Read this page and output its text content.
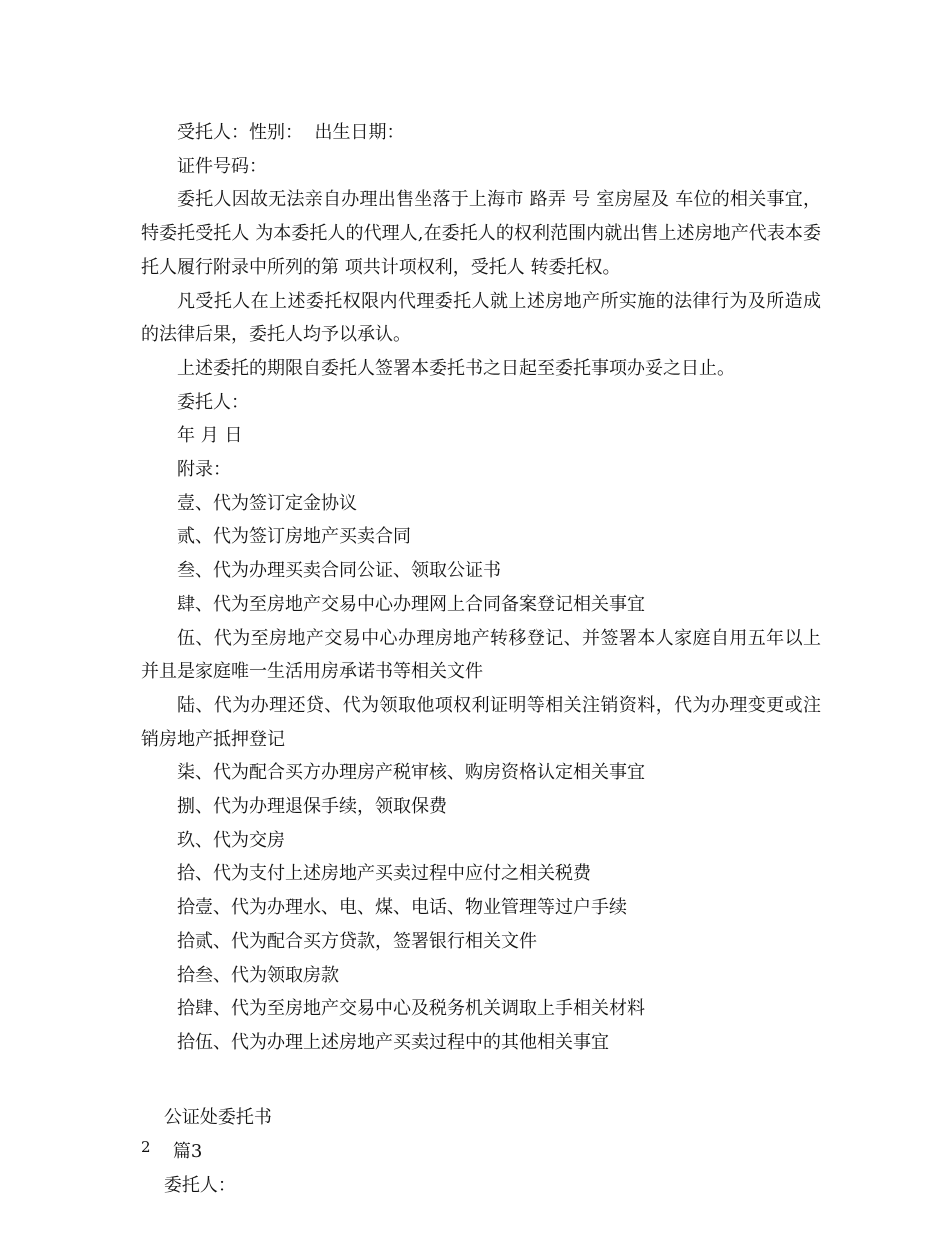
受托人：性别：  出生日期：

证件号码：

委托人因故无法亲自办理出售坐落于上海市 路弄 号 室房屋及 车位的相关事宜，特委托受托人 为本委托人的代理人,在委托人的权利范围内就出售上述房地产代表本委托人履行附录中所列的第 项共计项权利，受托人 转委托权。

凡受托人在上述委托权限内代理委托人就上述房地产所实施的法律行为及所造成的法律后果，委托人均予以承认。

上述委托的期限自委托人签署本委托书之日起至委托事项办妥之日止。

委托人：

年 月 日

附录：

壹、代为签订定金协议

贰、代为签订房地产买卖合同

叁、代为办理买卖合同公证、领取公证书

肆、代为至房地产交易中心办理网上合同备案登记相关事宜

伍、代为至房地产交易中心办理房地产转移登记、并签署本人家庭自用五年以上并且是家庭唯一生活用房承诺书等相关文件

陆、代为办理还贷、代为领取他项权利证明等相关注销资料，代为办理变更或注销房地产抵押登记

柒、代为配合买方办理房产税审核、购房资格认定相关事宜

捌、代为办理退保手续，领取保费

玖、代为交房

拾、代为支付上述房地产买卖过程中应付之相关税费

拾壹、代为办理水、电、煤、电话、物业管理等过户手续

拾贰、代为配合买方贷款，签署银行相关文件

拾叁、代为领取房款

拾肆、代为至房地产交易中心及税务机关调取上手相关材料

拾伍、代为办理上述房地产买卖过程中的其他相关事宜

公证处委托书
篇3
委托人：

2
